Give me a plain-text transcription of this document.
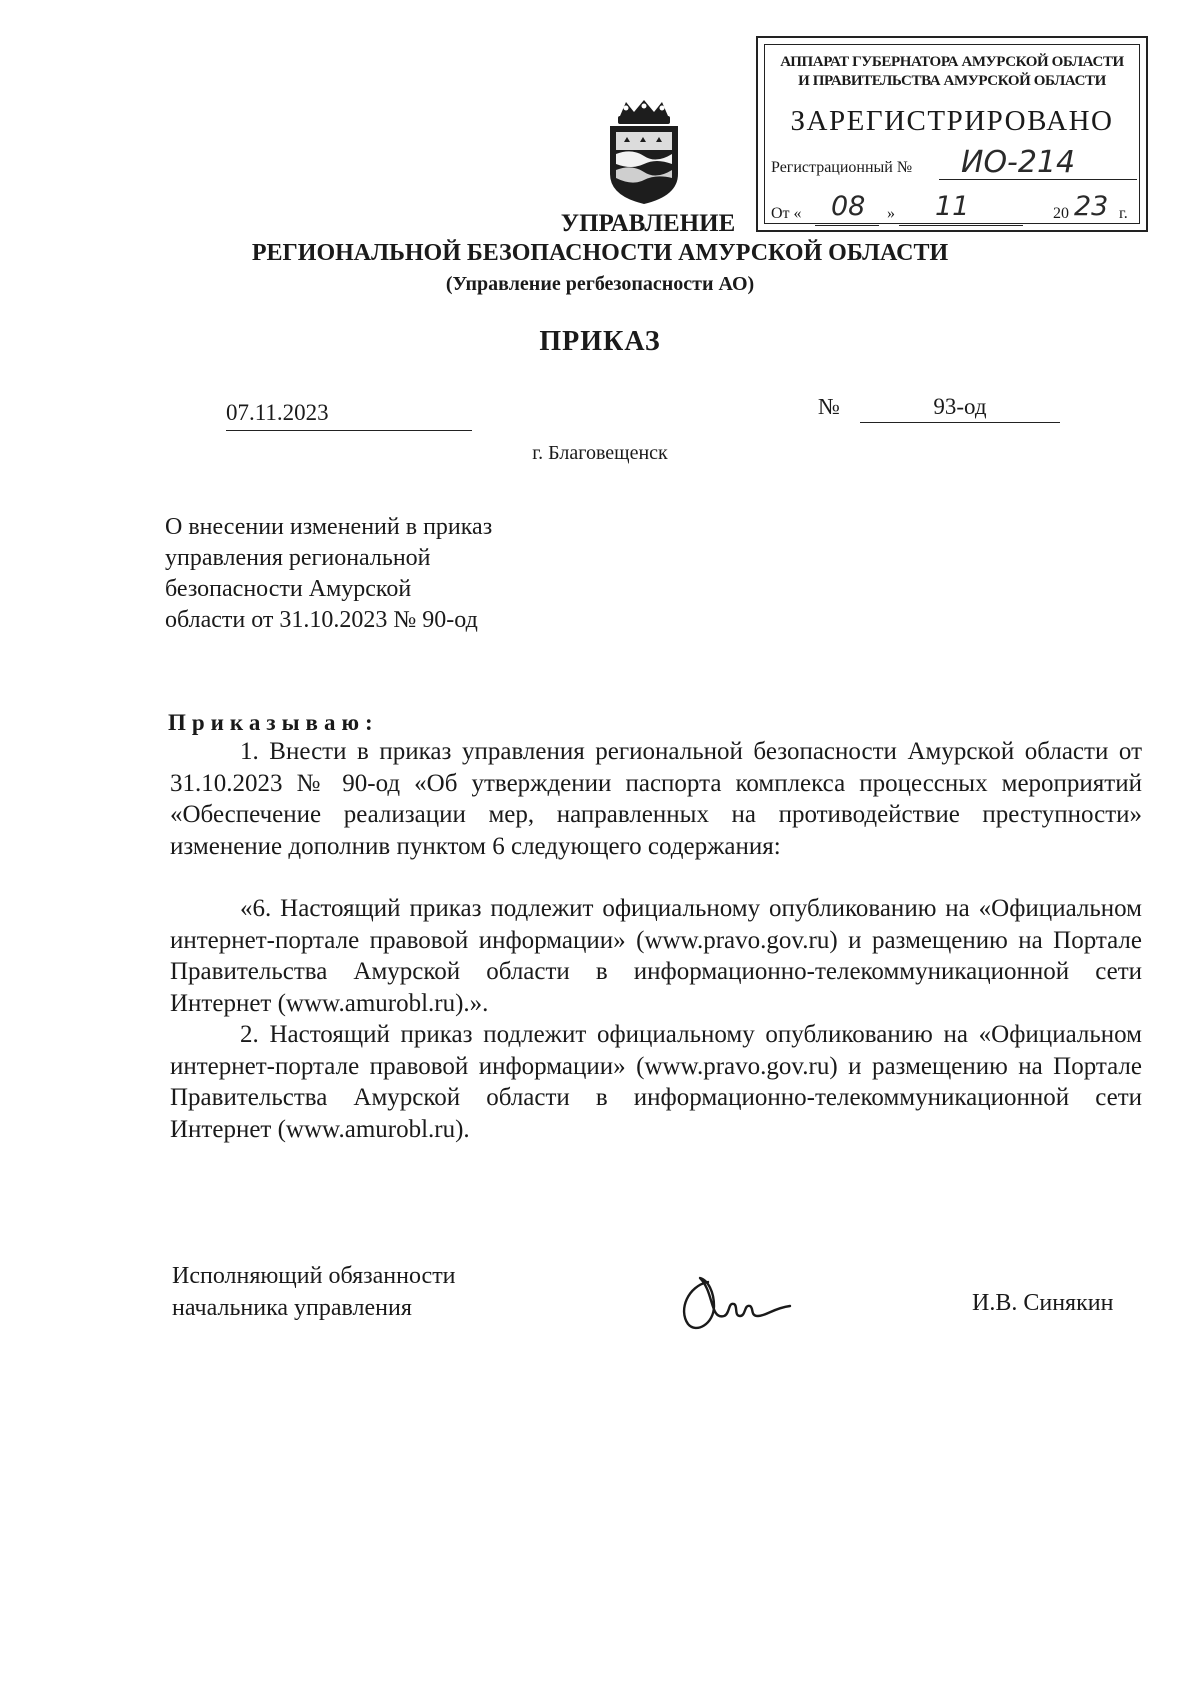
АППАРАТ ГУБЕРНАТОРА АМУРСКОЙ ОБЛАСТИ
И ПРАВИТЕЛЬСТВА АМУРСКОЙ ОБЛАСТИ
ЗАРЕГИСТРИРОВАНО
Регистрационный № ИО-214
От « 08 » 11	20 23 г.
УПРАВЛЕНИЕ
РЕГИОНАЛЬНОЙ БЕЗОПАСНОСТИ АМУРСКОЙ ОБЛАСТИ
(Управление регбезопасности АО)
ПРИКАЗ
07.11.2023	№	93-од
г. Благовещенск
О внесении изменений в приказ
управления региональной
безопасности Амурской
области от 31.10.2023 № 90-од
Приказываю:

1. Внести в приказ управления региональной безопасности Амурской области от 31.10.2023 № 90-од «Об утверждении паспорта комплекса процессных мероприятий «Обеспечение реализации мер, направленных на противодействие преступности» изменение дополнив пунктом 6 следующего содержания:

«6. Настоящий приказ подлежит официальному опубликованию на «Официальном интернет-портале правовой информации» (www.pravo.gov.ru) и размещению на Портале Правительства Амурской области в информационно-телекоммуникационной сети Интернет (www.amurobl.ru).».

2. Настоящий приказ подлежит официальному опубликованию на «Официальном интернет-портале правовой информации» (www.pravo.gov.ru) и размещению на Портале Правительства Амурской области в информационно-телекоммуникационной сети Интернет (www.amurobl.ru).

Исполняющий обязанности
начальника управления	И.В. Синякин
